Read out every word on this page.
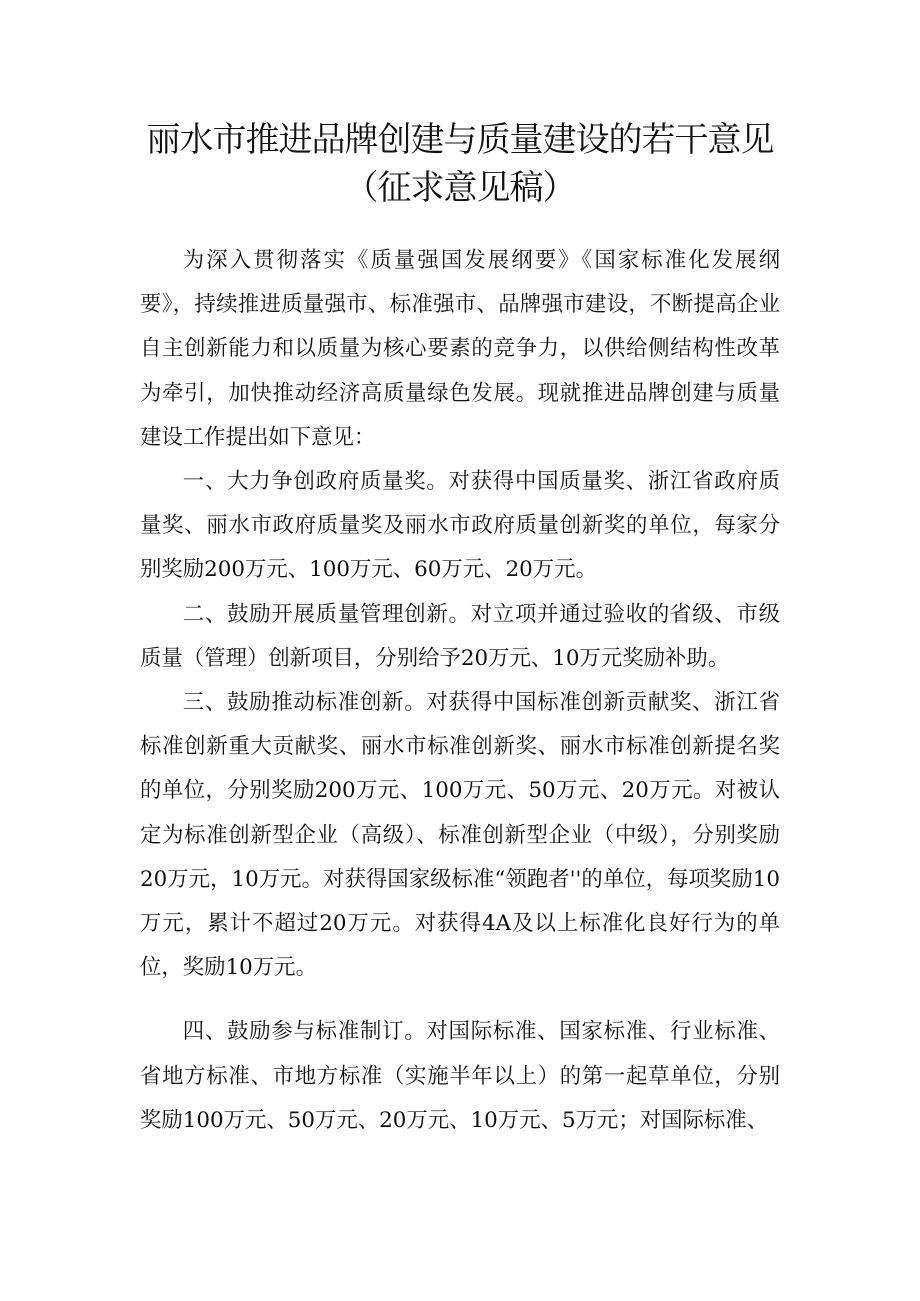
丽水市推进品牌创建与质量建设的若干意见
（征求意见稿）

为深入贯彻落实《质量强国发展纲要》《国家标准化发展纲要》，持续推进质量强市、标准强市、品牌强市建设，不断提高企业自主创新能力和以质量为核心要素的竞争力，以供给侧结构性改革为牵引，加快推动经济高质量绿色发展。现就推进品牌创建与质量建设工作提出如下意见：

一、大力争创政府质量奖。对获得中国质量奖、浙江省政府质量奖、丽水市政府质量奖及丽水市政府质量创新奖的单位，每家分别奖励200万元、100万元、60万元、20万元。

二、鼓励开展质量管理创新。对立项并通过验收的省级、市级质量（管理）创新项目，分别给予20万元、10万元奖励补助。

三、鼓励推动标准创新。对获得中国标准创新贡献奖、浙江省标准创新重大贡献奖、丽水市标准创新奖、丽水市标准创新提名奖的单位，分别奖励200万元、100万元、50万元、20万元。对被认定为标准创新型企业（高级）、标准创新型企业（中级），分别奖励20万元，10万元。对获得国家级标准“领跑者''的单位，每项奖励10万元，累计不超过20万元。对获得4A及以上标准化良好行为的单位，奖励10万元。

四、鼓励参与标准制订。对国际标准、国家标准、行业标准、省地方标准、市地方标准（实施半年以上）的第一起草单位，分别奖励100万元、50万元、20万元、10万元、5万元；对国际标准、
